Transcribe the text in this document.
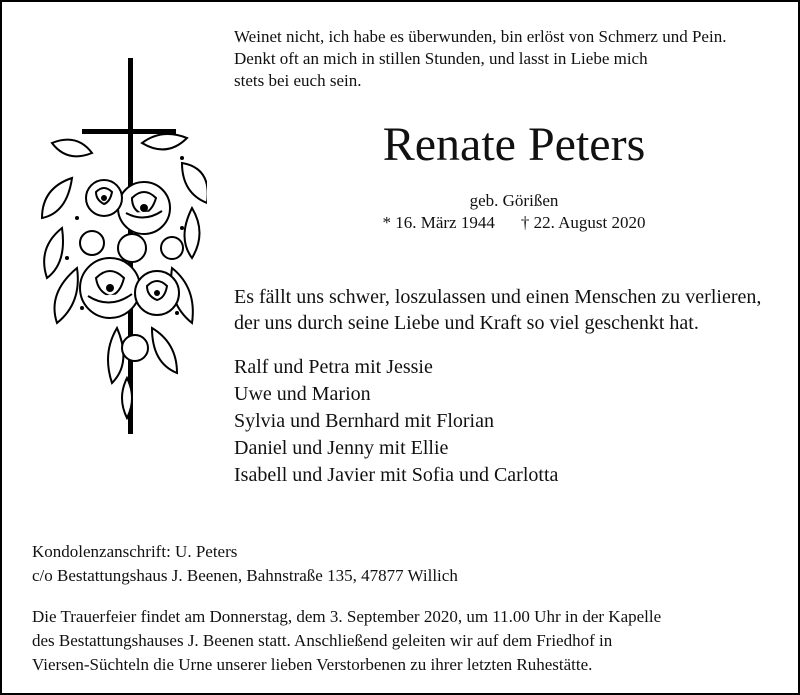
Weinet nicht, ich habe es überwunden, bin erlöst von Schmerz und Pein.
Denkt oft an mich in stillen Stunden, und lasst in Liebe mich
stets bei euch sein.
Renate Peters
geb. Görißen
* 16. März 1944 † 22. August 2020
Es fällt uns schwer, loszulassen und einen Menschen zu verlieren,
der uns durch seine Liebe und Kraft so viel geschenkt hat.
Ralf und Petra mit Jessie
Uwe und Marion
Sylvia und Bernhard mit Florian
Daniel und Jenny mit Ellie
Isabell und Javier mit Sofia und Carlotta
Kondolenzanschrift: U. Peters
c/o Bestattungshaus J. Beenen, Bahnstraße 135, 47877 Willich
Die Trauerfeier findet am Donnerstag, dem 3. September 2020, um 11.00 Uhr in der Kapelle
des Bestattungshauses J. Beenen statt. Anschließend geleiten wir auf dem Friedhof in
Viersen-Süchteln die Urne unserer lieben Verstorbenen zu ihrer letzten Ruhestätte.
